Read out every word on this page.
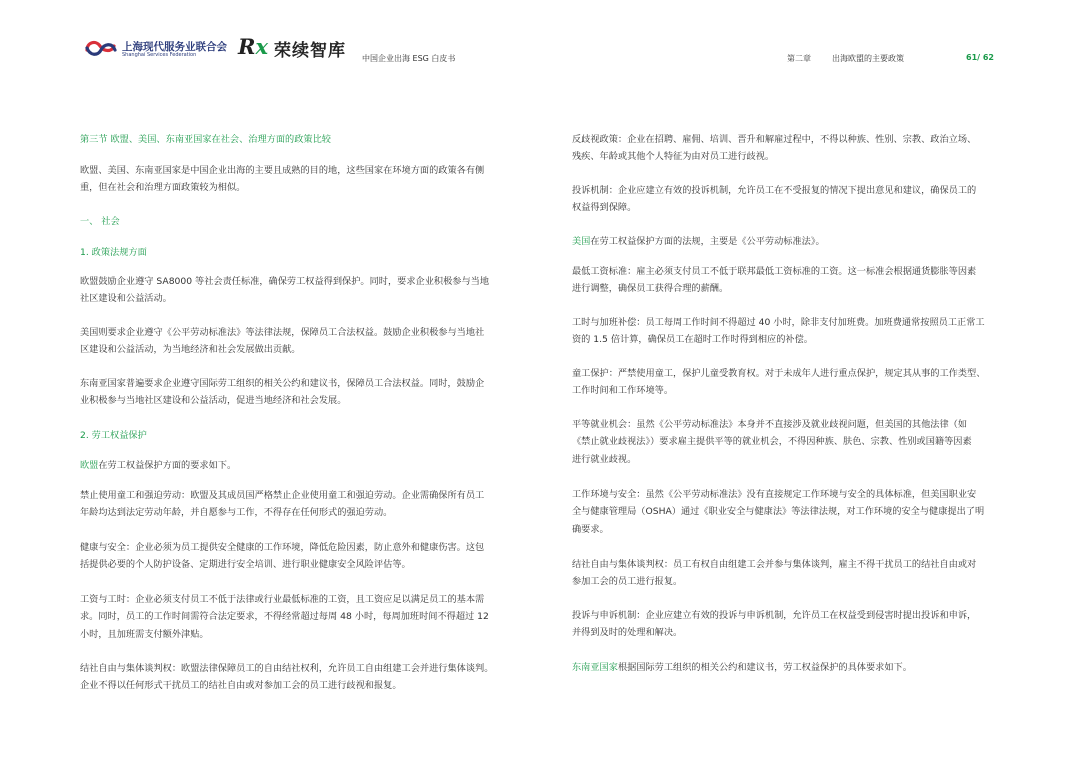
上海现代服务业联合会
Shanghai Services Federation Rx 荣续智库 中国企业出海 ESG 白皮书	第二章	出海欧盟的主要政策	61/ 62
第三节 欧盟、美国、东南亚国家在社会、治理方面的政策比较
欧盟、美国、东南亚国家是中国企业出海的主要且成熟的目的地，这些国家在环境方面的政策各有侧
重，但在社会和治理方面政策较为相似。
一、 社会
1. 政策法规方面
欧盟鼓励企业遵守 SA8000 等社会责任标准，确保劳工权益得到保护。同时，要求企业积极参与当地
社区建设和公益活动。
美国则要求企业遵守《公平劳动标准法》等法律法规，保障员工合法权益。鼓励企业积极参与当地社
区建设和公益活动，为当地经济和社会发展做出贡献。
东南亚国家普遍要求企业遵守国际劳工组织的相关公约和建议书，保障员工合法权益。同时，鼓励企
业积极参与当地社区建设和公益活动，促进当地经济和社会发展。
2. 劳工权益保护
欧盟在劳工权益保护方面的要求如下。
禁止使用童工和强迫劳动：欧盟及其成员国严格禁止企业使用童工和强迫劳动。企业需确保所有员工
年龄均达到法定劳动年龄，并自愿参与工作，不得存在任何形式的强迫劳动。
健康与安全：企业必须为员工提供安全健康的工作环境，降低危险因素，防止意外和健康伤害。这包
括提供必要的个人防护设备、定期进行安全培训、进行职业健康安全风险评估等。
工资与工时：企业必须支付员工不低于法律或行业最低标准的工资，且工资应足以满足员工的基本需
求。同时，员工的工作时间需符合法定要求，不得经常超过每周 48 小时，每周加班时间不得超过 12
小时，且加班需支付额外津贴。
结社自由与集体谈判权：欧盟法律保障员工的自由结社权利，允许员工自由组建工会并进行集体谈判。
企业不得以任何形式干扰员工的结社自由或对参加工会的员工进行歧视和报复。
反歧视政策：企业在招聘、雇佣、培训、晋升和解雇过程中，不得以种族、性别、宗教、政治立场、
残疾、年龄或其他个人特征为由对员工进行歧视。
投诉机制：企业应建立有效的投诉机制，允许员工在不受报复的情况下提出意见和建议，确保员工的
权益得到保障。
美国在劳工权益保护方面的法规，主要是《公平劳动标准法》。
最低工资标准：雇主必须支付员工不低于联邦最低工资标准的工资。这一标准会根据通货膨胀等因素
进行调整，确保员工获得合理的薪酬。
工时与加班补偿：员工每周工作时间不得超过 40 小时，除非支付加班费。加班费通常按照员工正常工
资的 1.5 倍计算，确保员工在超时工作时得到相应的补偿。
童工保护：严禁使用童工，保护儿童受教育权。对于未成年人进行重点保护，规定其从事的工作类型、
工作时间和工作环境等。
平等就业机会：虽然《公平劳动标准法》本身并不直接涉及就业歧视问题，但美国的其他法律（如
《禁止就业歧视法》）要求雇主提供平等的就业机会，不得因种族、肤色、宗教、性别或国籍等因素
进行就业歧视。
工作环境与安全：虽然《公平劳动标准法》没有直接规定工作环境与安全的具体标准，但美国职业安
全与健康管理局（OSHA）通过《职业安全与健康法》等法律法规，对工作环境的安全与健康提出了明
确要求。
结社自由与集体谈判权：员工有权自由组建工会并参与集体谈判，雇主不得干扰员工的结社自由或对
参加工会的员工进行报复。
投诉与申诉机制：企业应建立有效的投诉与申诉机制，允许员工在权益受到侵害时提出投诉和申诉，
并得到及时的处理和解决。
东南亚国家根据国际劳工组织的相关公约和建议书，劳工权益保护的具体要求如下。
